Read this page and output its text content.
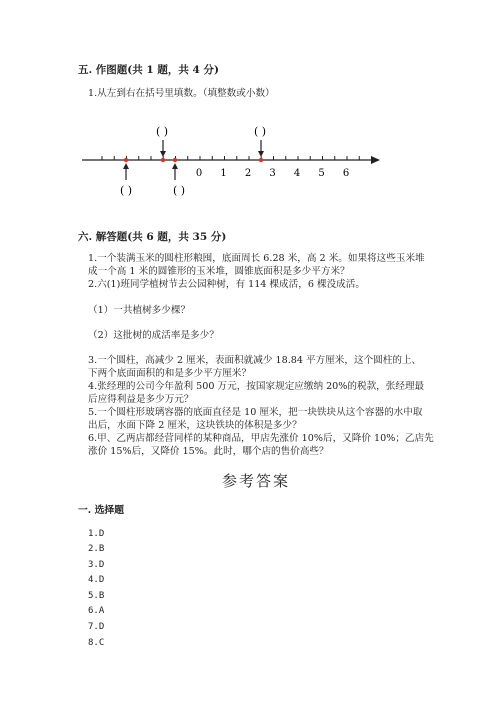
五. 作图题(共 1 题，共 4 分)
1.从左到右在括号里填数。（填整数或小数）
0 1 2 3 4 5 6
( )	( )
( )	( )
六. 解答题(共 6 题，共 35 分)
1.一个装满玉米的圆柱形粮囤，底面周长 6.28 米，高 2 米。如果将这些玉米堆
成一个高 1 米的圆锥形的玉米堆，圆锥底面积是多少平方米？
2.六(1)班同学植树节去公园种树，有 114 棵成活，6 棵没成活。
（1）一共植树多少棵？
（2）这批树的成活率是多少？
3.一个圆柱，高减少 2 厘米，表面积就减少 18.84 平方厘米，这个圆柱的上、
下两个底面面积的和是多少平方厘米？
4.张经理的公司今年盈利 500 万元，按国家规定应缴纳 20%的税款，张经理最
后应得利益是多少万元？
5.一个圆柱形玻璃容器的底面直径是 10 厘米，把一块铁块从这个容器的水中取
出后，水面下降 2 厘米，这块铁块的体积是多少？
6.甲、乙两店都经营同样的某种商品，甲店先涨价 10%后，又降价 10%；乙店先
涨价 15%后，又降价 15%。此时，哪个店的售价高些？
参考答案
一. 选择题
1.D
2.B
3.D
4.D
5.B
6.A
7.D
8.C
